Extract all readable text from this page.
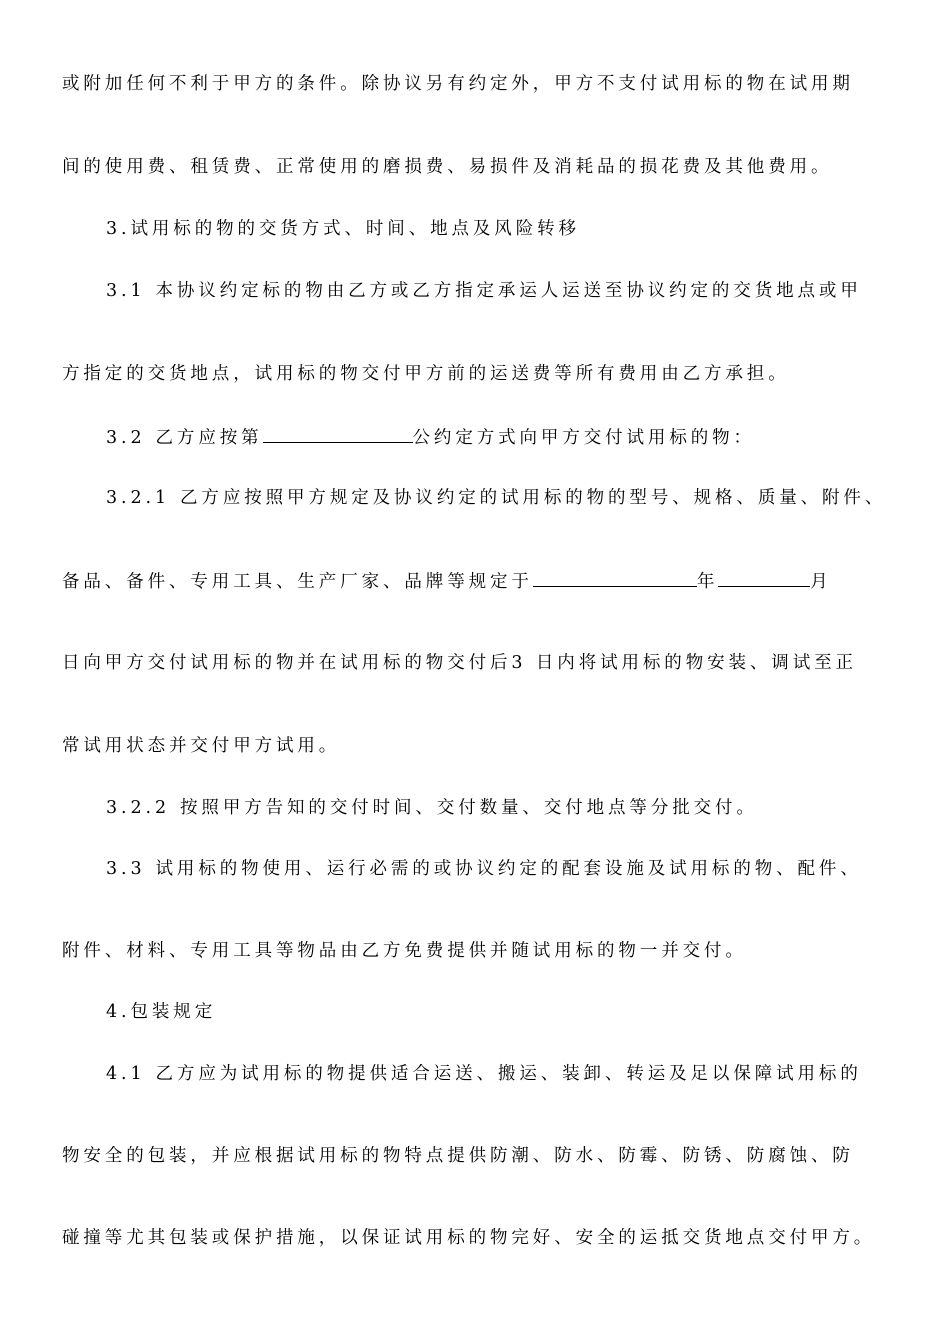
或附加任何不利于甲方的条件。除协议另有约定外，甲方不支付试用标的物在试用期
间的使用费、租赁费、正常使用的磨损费、易损件及消耗品的损花费及其他费用。
3.试用标的物的交货方式、时间、地点及风险转移
3.1 本协议约定标的物由乙方或乙方指定承运人运送至协议约定的交货地点或甲
方指定的交货地点，试用标的物交付甲方前的运送费等所有费用由乙方承担。
3.2 乙方应按第	公约定方式向甲方交付试用标的物：
3.2.1 乙方应按照甲方规定及协议约定的试用标的物的型号、规格、质量、附件、
备品、备件、专用工具、生产厂家、品牌等规定于	年	月
日向甲方交付试用标的物并在试用标的物交付后3 日内将试用标的物安装、调试至正
常试用状态并交付甲方试用。
3.2.2 按照甲方告知的交付时间、交付数量、交付地点等分批交付。
3.3 试用标的物使用、运行必需的或协议约定的配套设施及试用标的物、配件、
附件、材料、专用工具等物品由乙方免费提供并随试用标的物一并交付。
4.包装规定
4.1 乙方应为试用标的物提供适合运送、搬运、装卸、转运及足以保障试用标的
物安全的包装，并应根据试用标的物特点提供防潮、防水、防霉、防锈、防腐蚀、防
碰撞等尤其包装或保护措施，以保证试用标的物完好、安全的运抵交货地点交付甲方。
